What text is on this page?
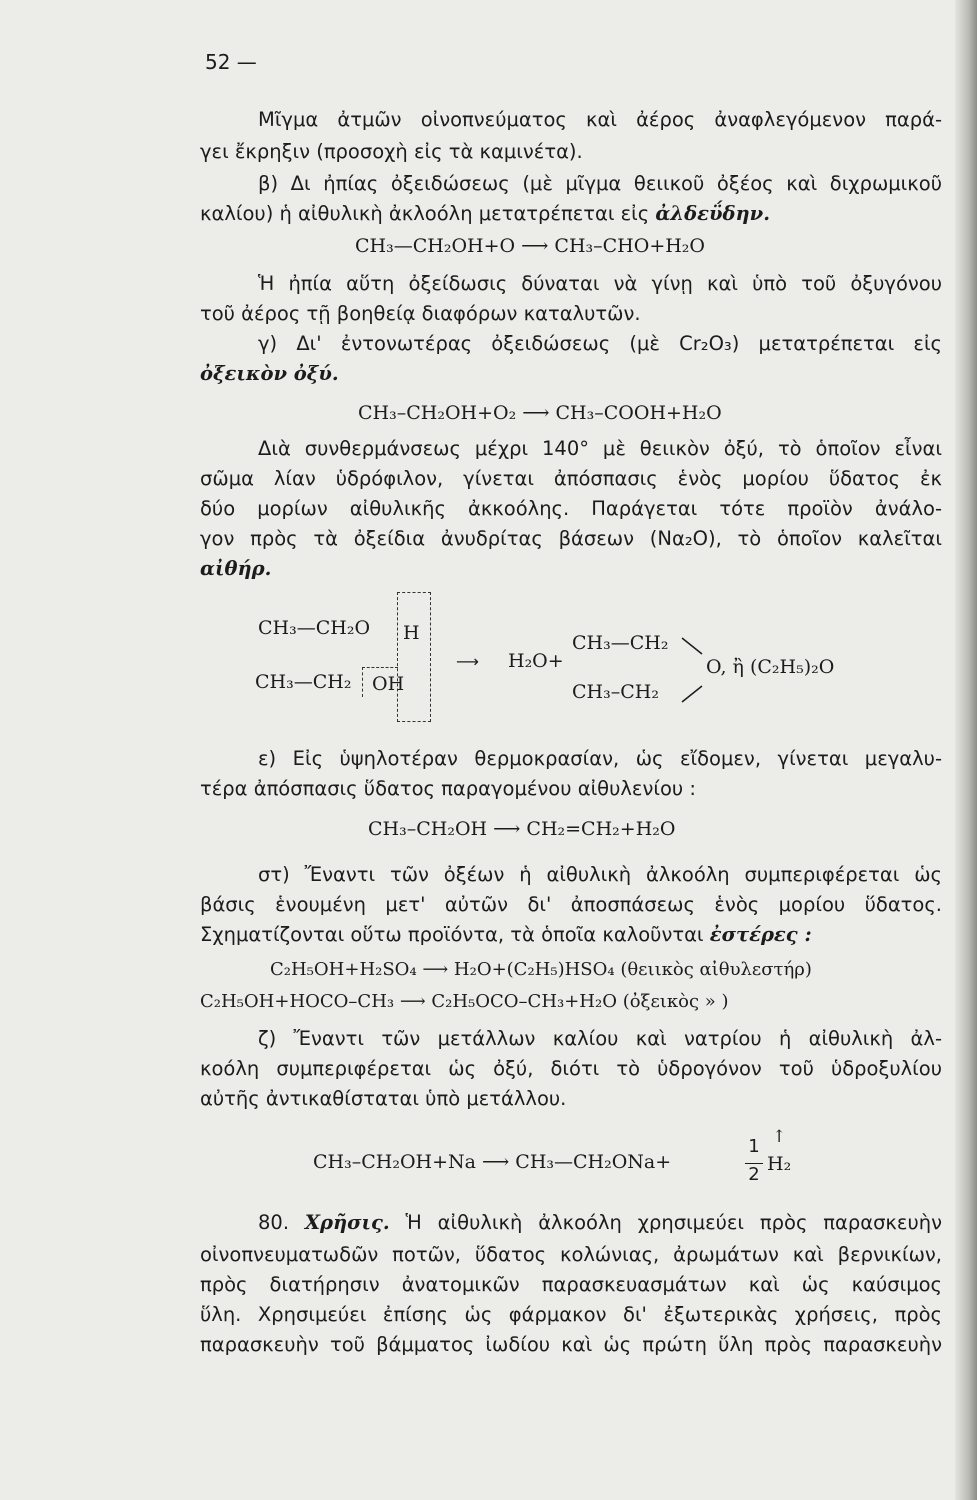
52 —
Μῖγμα ἀτμῶν οἰνοπνεύματος καὶ ἀέρος ἀναφλεγόμενον παρά-
γει ἔκρηξιν (προσοχὴ εἰς τὰ καμινέτα).
β) Δι ἠπίας ὀξειδώσεως (μὲ μῖγμα θειικοῦ ὀξέος καὶ διχρωμικοῦ
καλίου) ἡ αἰθυλικὴ ἀκλοόλη μετατρέπεται εἰς ἀλδεΰδην.
CH₃—CH₂OH+O ⟶ CH₃–CHO+H₂O
Ἡ ἠπία αὕτη ὀξείδωσις δύναται νὰ γίνῃ καὶ ὑπὸ τοῦ ὀξυγόνου
τοῦ ἀέρος τῇ βοηθείᾳ διαφόρων καταλυτῶν.
γ) Δι' ἐντονωτέρας ὀξειδώσεως (μὲ Cr₂O₃) μετατρέπεται εἰς
ὀξεικὸν ὀξύ.
CH₃–CH₂OH+O₂ ⟶ CH₃–COOH+H₂O
Διὰ συνθερμάνσεως μέχρι 140° μὲ θειικὸν ὀξύ, τὸ ὁποῖον εἶναι
σῶμα λίαν ὑδρόφιλον, γίνεται ἀπόσπασις ἑνὸς μορίου ὕδατος ἐκ
δύο μορίων αἰθυλικῆς ἀκκοόλης. Παράγεται τότε προϊὸν ἀνάλο-
γον πρὸς τὰ ὀξείδια ἀνυδρίτας βάσεων (Να₂O), τὸ ὁποῖον καλεῖται
αἰθήρ.
CH₃—CH₂O H
CH₃—CH₂ OH
⟶ H₂O+
CH₃—CH₂
CH₃–CH₂
O, ἢ (C₂H₅)₂O
ε) Εἰς ὑψηλοτέραν θερμοκρασίαν, ὡς εἴδομεν, γίνεται μεγαλυ-
τέρα ἀπόσπασις ὕδατος παραγομένου αἰθυλενίου :
CH₃–CH₂OH ⟶ CH₂=CH₂+H₂O
στ) Ἔναντι τῶν ὀξέων ἡ αἰθυλικὴ ἀλκοόλη συμπεριφέρεται ὡς
βάσις ἑνουμένη μετ' αὐτῶν δι' ἀποσπάσεως ἑνὸς μορίου ὕδατος.
Σχηματίζονται οὕτω προϊόντα, τὰ ὁποῖα καλοῦνται ἐστέρες :
C₂H₅OH+H₂SO₄ ⟶ H₂O+(C₂H₅)HSO₄ (θειικὸς αἰθυλεστήρ)
C₂H₅OH+HOCO–CH₃ ⟶ C₂H₅OCO–CH₃+H₂O (ὀξεικὸς » )
ζ) Ἔναντι τῶν μετάλλων καλίου καὶ νατρίου ἡ αἰθυλικὴ ἀλ-
κοόλη συμπεριφέρεται ὡς ὀξύ, διότι τὸ ὑδρογόνον τοῦ ὑδροξυλίου
αὐτῆς ἀντικαθίσταται ὑπὸ μετάλλου.
CH₃–CH₂OH+Na ⟶ CH₃—CH₂ONa+
1
2 H₂
↑
80. Χρῆσις. Ἡ αἰθυλικὴ ἀλκοόλη χρησιμεύει πρὸς παρασκευὴν
οἰνοπνευματωδῶν ποτῶν, ὕδατος κολώνιας, ἀρωμάτων καὶ βερνικίων,
πρὸς διατήρησιν ἀνατομικῶν παρασκευασμάτων καὶ ὡς καύσιμος
ὕλη. Χρησιμεύει ἐπίσης ὡς φάρμακον δι' ἐξωτερικὰς χρήσεις, πρὸς
παρασκευὴν τοῦ βάμματος ἰωδίου καὶ ὡς πρώτη ὕλη πρὸς παρασκευὴν
